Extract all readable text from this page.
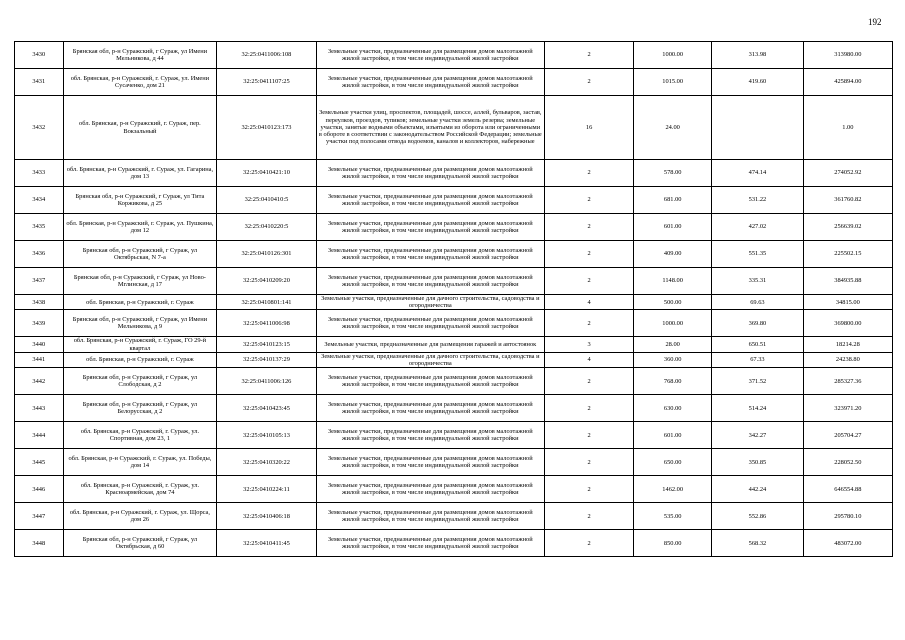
192
3430	Брянская обл, р-н Суражский, г Сураж, ул Имени Мельникова, д 44	32:25:0411006:108	Земельные участки, предназначенные для размещения домов малоэтажной жилой застройки, в том числе индивидуальной жилой застройки	2	1000.00	313.98	313980.00
3431	обл. Брянская, р-н Суражский, г. Сураж, ул. Имени Сусаченко, дом 21	32:25:0411107:25	Земельные участки, предназначенные для размещения домов малоэтажной жилой застройки, в том числе индивидуальной жилой застройки	2	1015.00	419.60	425894.00
3432	обл. Брянская, р-н Суражский, г. Сураж, пер. Вокзальный	32:25:0410123:173	Земельные участки улиц, проспектов, площадей, шоссе, аллей, бульваров, застав, переулков, проездов, тупиков; земельные участки земель резерва; земельные участки, занятые водными объектами, изъятыми из оборота или ограниченными в обороте в соответствии с законодательством Российской Федерации; земельные участки под полосами отвода водоемов, каналов и коллекторов, набережные	16	24.00		1.00
3433	обл. Брянская, р-н Суражский, г. Сураж, ул. Гагарина, дом 13	32:25:0410421:10	Земельные участки, предназначенные для размещения домов малоэтажной жилой застройки, в том числе индивидуальной жилой застройки	2	578.00	474.14	274052.92
3434	Брянская обл, р-н Суражский, г Сураж, ул Тита Коржикова, д 25	32:25:0410410:5	Земельные участки, предназначенные для размещения домов малоэтажной жилой застройки, в том числе индивидуальной жилой застройки	2	681.00	531.22	361760.82
3435	обл. Брянская, р-н Суражский, г. Сураж, ул. Пушкина, дом 12	32:25:0410220:5	Земельные участки, предназначенные для размещения домов малоэтажной жилой застройки, в том числе индивидуальной жилой застройки	2	601.00	427.02	256639.02
3436	Брянская обл, р-н Суражский, г Сураж, ул Октябрьская, N 7-а	32:25:0410126:301	Земельные участки, предназначенные для размещения домов малоэтажной жилой застройки, в том числе индивидуальной жилой застройки	2	409.00	551.35	225502.15
3437	Брянская обл, р-н Суражский, г Сураж, ул Ново-Мглинская, д 17	32:25:0410209:20	Земельные участки, предназначенные для размещения домов малоэтажной жилой застройки, в том числе индивидуальной жилой застройки	2	1148.00	335.31	384935.88
3438	обл. Брянская, р-н Суражский, г. Сураж	32:25:0410801:141	Земельные участки, предназначенные для дачного строительства, садоводства и огородничества	4	500.00	69.63	34815.00
3439	Брянская обл, р-н Суражский, г Сураж, ул Имени Мельникова, д 9	32:25:0411006:98	Земельные участки, предназначенные для размещения домов малоэтажной жилой застройки, в том числе индивидуальной жилой застройки	2	1000.00	369.80	369800.00
3440	обл. Брянская, р-н Суражский, г. Сураж, ГО 29-й квартал	32:25:0410123:15	Земельные участки, предназначенные для размещения гаражей и автостоянок	3	28.00	650.51	18214.28
3441	обл. Брянская, р-н Суражский, г. Сураж	32:25:0410137:29	Земельные участки, предназначенные для дачного строительства, садоводства и огородничества	4	360.00	67.33	24238.80
3442	Брянская обл, р-н Суражский, г Сураж, ул Слободская, д 2	32:25:0411006:126	Земельные участки, предназначенные для размещения домов малоэтажной жилой застройки, в том числе индивидуальной жилой застройки	2	768.00	371.52	285327.36
3443	Брянская обл, р-н Суражский, г Сураж, ул Белорусская, д 2	32:25:0410423:45	Земельные участки, предназначенные для размещения домов малоэтажной жилой застройки, в том числе индивидуальной жилой застройки	2	630.00	514.24	323971.20
3444	обл. Брянская, р-н Суражский, г. Сураж, ул. Спортивная, дом 23, 1	32:25:0410105:13	Земельные участки, предназначенные для размещения домов малоэтажной жилой застройки, в том числе индивидуальной жилой застройки	2	601.00	342.27	205704.27
3445	обл. Брянская, р-н Суражский, г. Сураж, ул. Победы, дом 14	32:25:0410320:22	Земельные участки, предназначенные для размещения домов малоэтажной жилой застройки, в том числе индивидуальной жилой застройки	2	650.00	350.85	228052.50
3446	обл. Брянская, р-н Суражский, г. Сураж, ул. Красноармейская, дом 74	32:25:0410224:11	Земельные участки, предназначенные для размещения домов малоэтажной жилой застройки, в том числе индивидуальной жилой застройки	2	1462.00	442.24	646554.88
3447	обл. Брянская, р-н Суражский, г. Сураж, ул. Щорса, дом 26	32:25:0410406:18	Земельные участки, предназначенные для размещения домов малоэтажной жилой застройки, в том числе индивидуальной жилой застройки	2	535.00	552.86	295780.10
3448	Брянская обл, р-н Суражский, г Сураж, ул Октябрьская, д 60	32:25:0410411:45	Земельные участки, предназначенные для размещения домов малоэтажной жилой застройки, в том числе индивидуальной жилой застройки	2	850.00	568.32	483072.00
